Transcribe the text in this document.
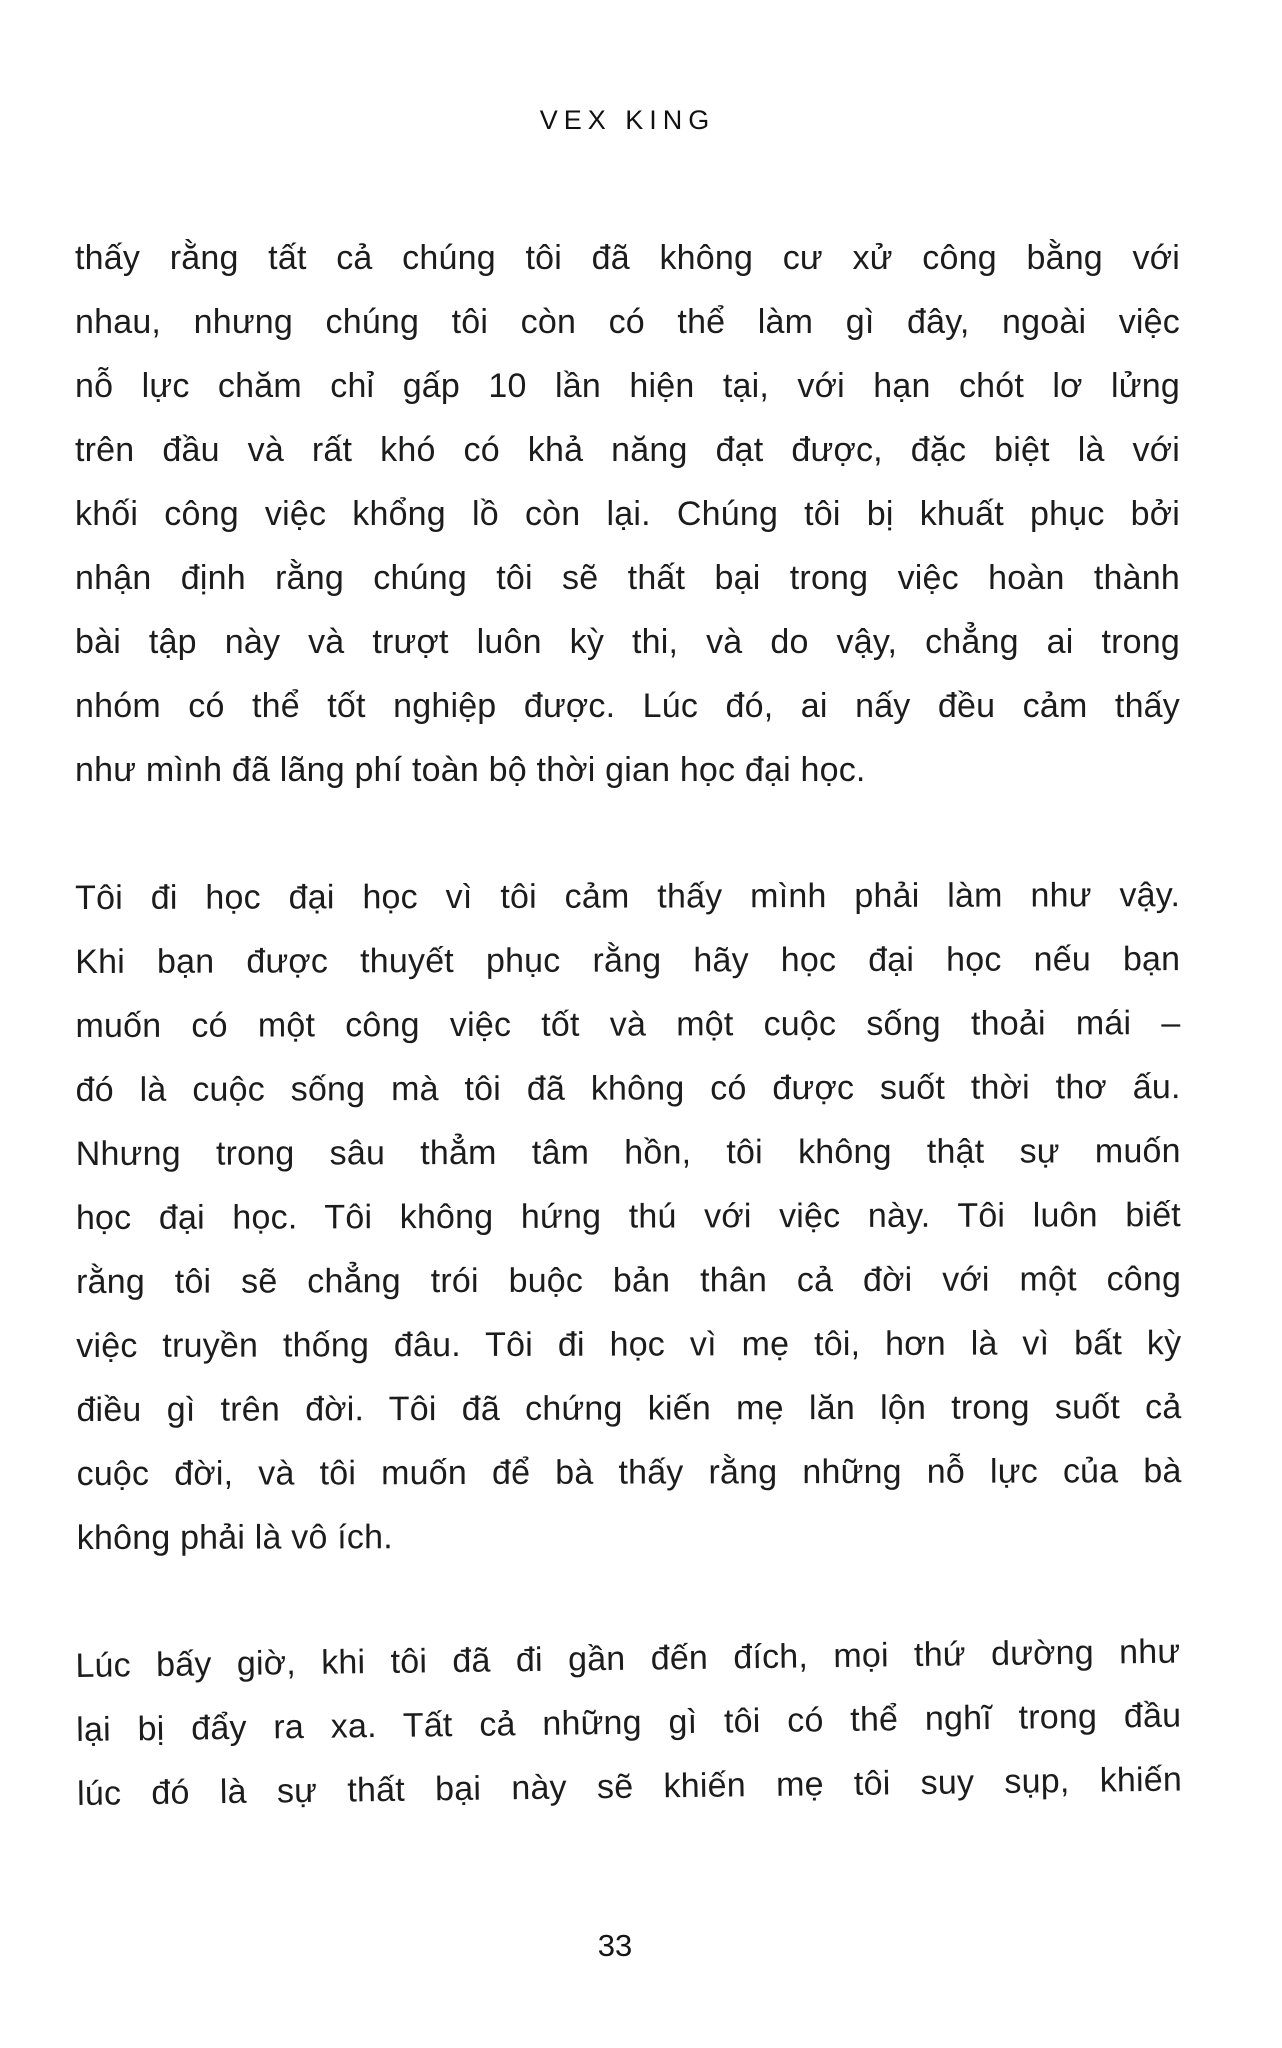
VEX KING
thấy rằng tất cả chúng tôi đã không cư xử công bằng với
nhau, nhưng chúng tôi còn có thể làm gì đây, ngoài việc
nỗ lực chăm chỉ gấp 10 lần hiện tại, với hạn chót lơ lửng
trên đầu và rất khó có khả năng đạt được, đặc biệt là với
khối công việc khổng lồ còn lại. Chúng tôi bị khuất phục bởi
nhận định rằng chúng tôi sẽ thất bại trong việc hoàn thành
bài tập này và trượt luôn kỳ thi, và do vậy, chẳng ai trong
nhóm có thể tốt nghiệp được. Lúc đó, ai nấy đều cảm thấy
như mình đã lãng phí toàn bộ thời gian học đại học.
Tôi đi học đại học vì tôi cảm thấy mình phải làm như vậy.
Khi bạn được thuyết phục rằng hãy học đại học nếu bạn
muốn có một công việc tốt và một cuộc sống thoải mái –
đó là cuộc sống mà tôi đã không có được suốt thời thơ ấu.
Nhưng trong sâu thẳm tâm hồn, tôi không thật sự muốn
học đại học. Tôi không hứng thú với việc này. Tôi luôn biết
rằng tôi sẽ chẳng trói buộc bản thân cả đời với một công
việc truyền thống đâu. Tôi đi học vì mẹ tôi, hơn là vì bất kỳ
điều gì trên đời. Tôi đã chứng kiến mẹ lăn lộn trong suốt cả
cuộc đời, và tôi muốn để bà thấy rằng những nỗ lực của bà
không phải là vô ích.
Lúc bấy giờ, khi tôi đã đi gần đến đích, mọi thứ dường như
lại bị đẩy ra xa. Tất cả những gì tôi có thể nghĩ trong đầu
lúc đó là sự thất bại này sẽ khiến mẹ tôi suy sụp, khiến
33
